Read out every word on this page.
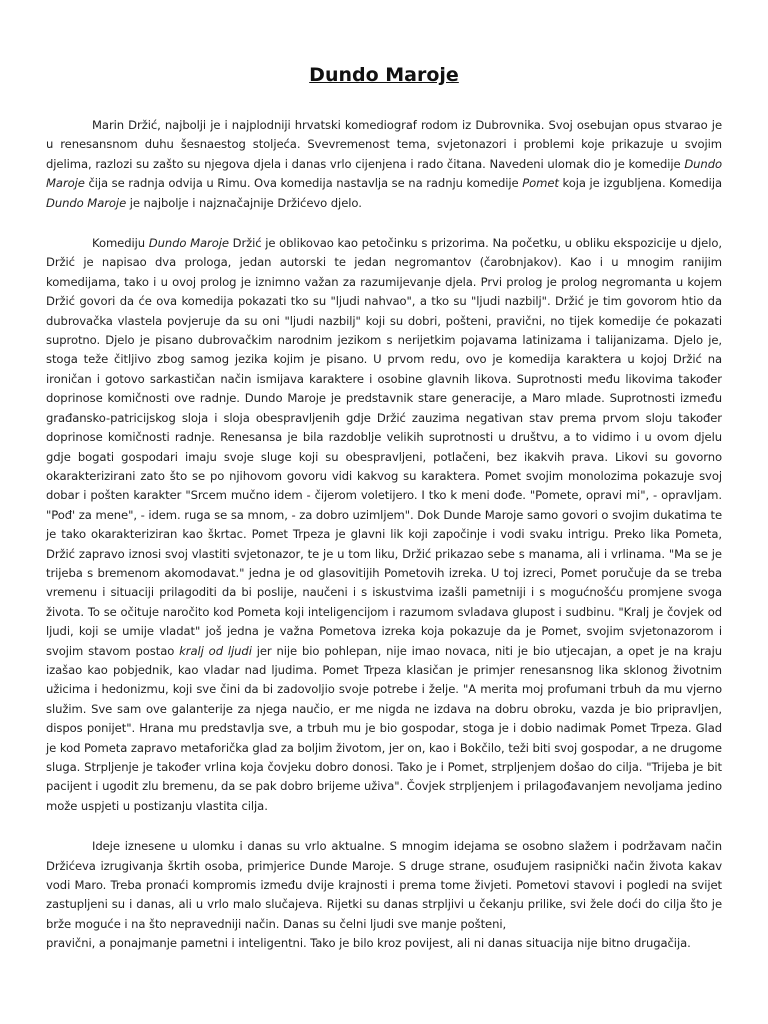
Dundo Maroje

Marin Držić, najbolji je i najplodniji hrvatski komediograf rodom iz Dubrovnika. Svoj osebujan opus stvarao je u renesansnom duhu šesnaestog stoljeća. Svevremenost tema, svjetonazori i problemi koje prikazuje u svojim djelima, razlozi su zašto su njegova djela i danas vrlo cijenjena i rado čitana. Navedeni ulomak dio je komedije Dundo Maroje čija se radnja odvija u Rimu. Ova komedija nastavlja se na radnju komedije Pomet koja je izgubljena. Komedija Dundo Maroje je najbolje i najznačajnije Držićevo djelo.

Komediju Dundo Maroje Držić je oblikovao kao petočinku s prizorima. Na početku, u obliku ekspozicije u djelo, Držić je napisao dva prologa, jedan autorski te jedan negromantov (čarobnjakov). Kao i u mnogim ranijim komedijama, tako i u ovoj prolog je iznimno važan za razumijevanje djela. Prvi prolog je prolog negromanta u kojem Držić govori da će ova komedija pokazati tko su "ljudi nahvao", a tko su "ljudi nazbilj". Držić je tim govorom htio da dubrovačka vlastela povjeruje da su oni "ljudi nazbilj" koji su dobri, pošteni, pravični, no tijek komedije će pokazati suprotno. Djelo je pisano dubrovačkim narodnim jezikom s nerijetkim pojavama latinizama i talijanizama. Djelo je, stoga teže čitljivo zbog samog jezika kojim je pisano. U prvom redu, ovo je komedija karaktera u kojoj Držić na ironičan i gotovo sarkastičan način ismijava karaktere i osobine glavnih likova. Suprotnosti među likovima također doprinose komičnosti ove radnje. Dundo Maroje je predstavnik stare generacije, a Maro mlade. Suprotnosti između građansko-patricijskog sloja i sloja obespravljenih gdje Držić zauzima negativan stav prema prvom sloju također doprinose komičnosti radnje. Renesansa je bila razdoblje velikih suprotnosti u društvu, a to vidimo i u ovom djelu gdje bogati gospodari imaju svoje sluge koji su obespravljeni, potlačeni, bez ikakvih prava. Likovi su govorno okarakterizirani zato što se po njihovom govoru vidi kakvog su karaktera. Pomet svojim monolozima pokazuje svoj dobar i pošten karakter "Srcem mučno idem - čijerom voletijero. I tko k meni dođe. "Pomete, opravi mi", - opravljam. "Pođ' za mene", - idem. ruga se sa mnom, - za dobro uzimljem". Dok Dunde Maroje samo govori o svojim dukatima te je tako okarakteriziran kao škrtac. Pomet Trpeza je glavni lik koji započinje i vodi svaku intrigu. Preko lika Pometa, Držić zapravo iznosi svoj vlastiti svjetonazor, te je u tom liku, Držić prikazao sebe s manama, ali i vrlinama. "Ma se je trijeba s bremenom akomodavat." jedna je od glasovitijih Pometovih izreka. U toj izreci, Pomet poručuje da se treba vremenu i situaciji prilagoditi da bi poslije, naučeni i s iskustvima izašli pametniji i s mogućnošću promjene svoga života. To se očituje naročito kod Pometa koji inteligencijom i razumom svladava glupost i sudbinu. "Kralj je čovjek od ljudi, koji se umije vladat" još jedna je važna Pometova izreka koja pokazuje da je Pomet, svojim svjetonazorom i svojim stavom postao kralj od ljudi jer nije bio pohlepan, nije imao novaca, niti je bio utjecajan, a opet je na kraju izašao kao pobjednik, kao vladar nad ljudima. Pomet Trpeza klasičan je primjer renesansnog lika sklonog životnim užicima i hedonizmu, koji sve čini da bi zadovoljio svoje potrebe i želje. "A merita moj profumani trbuh da mu vjerno služim. Sve sam ove galanterije za njega naučio, er me nigda ne izdava na dobru obroku, vazda je bio pripravljen, dispos ponijet". Hrana mu predstavlja sve, a trbuh mu je bio gospodar, stoga je i dobio nadimak Pomet Trpeza. Glad je kod Pometa zapravo metaforička glad za boljim životom, jer on, kao i Bokčilo, teži biti svoj gospodar, a ne drugome sluga. Strpljenje je također vrlina koja čovjeku dobro donosi. Tako je i Pomet, strpljenjem došao do cilja. "Trijeba je bit pacijent i ugodit zlu bremenu, da se pak dobro brijeme uživa". Čovjek strpljenjem i prilagođavanjem nevoljama jedino može uspjeti u postizanju vlastita cilja.

Ideje iznesene u ulomku i danas su vrlo aktualne. S mnogim idejama se osobno slažem i podržavam način Držićeva izrugivanja škrtih osoba, primjerice Dunde Maroje. S druge strane, osuđujem rasipnički način života kakav vodi Maro. Treba pronaći kompromis između dvije krajnosti i prema tome živjeti. Pometovi stavovi i pogledi na svijet zastupljeni su i danas, ali u vrlo malo slučajeva. Rijetki su danas strpljivi u čekanju prilike, svi žele doći do cilja što je brže moguće i na što nepravedniji način. Danas su čelni ljudi sve manje pošteni,
pravični, a ponajmanje pametni i inteligentni. Tako je bilo kroz povijest, ali ni danas situacija nije bitno drugačija.
